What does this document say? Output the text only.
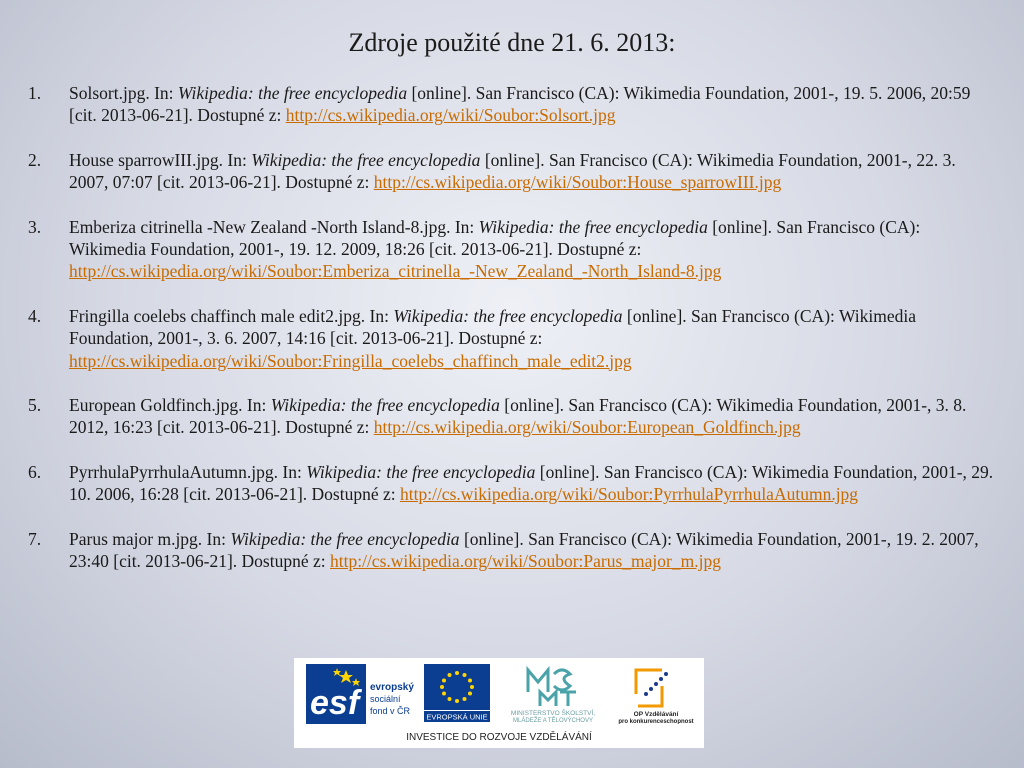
Zdroje použité dne 21. 6. 2013:
1. Solsort.jpg. In: Wikipedia: the free encyclopedia [online]. San Francisco (CA): Wikimedia Foundation, 2001-, 19. 5. 2006, 20:59 [cit. 2013-06-21]. Dostupné z: http://cs.wikipedia.org/wiki/Soubor:Solsort.jpg
2. House sparrowIII.jpg. In: Wikipedia: the free encyclopedia [online]. San Francisco (CA): Wikimedia Foundation, 2001-, 22. 3. 2007, 07:07 [cit. 2013-06-21]. Dostupné z: http://cs.wikipedia.org/wiki/Soubor:House_sparrowIII.jpg
3. Emberiza citrinella -New Zealand -North Island-8.jpg. In: Wikipedia: the free encyclopedia [online]. San Francisco (CA): Wikimedia Foundation, 2001-, 19. 12. 2009, 18:26 [cit. 2013-06-21]. Dostupné z: http://cs.wikipedia.org/wiki/Soubor:Emberiza_citrinella_-New_Zealand_-North_Island-8.jpg
4. Fringilla coelebs chaffinch male edit2.jpg. In: Wikipedia: the free encyclopedia [online]. San Francisco (CA): Wikimedia Foundation, 2001-, 3. 6. 2007, 14:16 [cit. 2013-06-21]. Dostupné z: http://cs.wikipedia.org/wiki/Soubor:Fringilla_coelebs_chaffinch_male_edit2.jpg
5. European Goldfinch.jpg. In: Wikipedia: the free encyclopedia [online]. San Francisco (CA): Wikimedia Foundation, 2001-, 3. 8. 2012, 16:23 [cit. 2013-06-21]. Dostupné z: http://cs.wikipedia.org/wiki/Soubor:European_Goldfinch.jpg
6. PyrrhulaPyrrhulaAutumn.jpg. In: Wikipedia: the free encyclopedia [online]. San Francisco (CA): Wikimedia Foundation, 2001-, 29. 10. 2006, 16:28 [cit. 2013-06-21]. Dostupné z: http://cs.wikipedia.org/wiki/Soubor:PyrrhulaPyrrhulaAutumn.jpg
7. Parus major m.jpg. In: Wikipedia: the free encyclopedia [online]. San Francisco (CA): Wikimedia Foundation, 2001-, 19. 2. 2007, 23:40 [cit. 2013-06-21]. Dostupné z: http://cs.wikipedia.org/wiki/Soubor:Parus_major_m.jpg
esf	evropský
sociální
fond v ČR
EVROPSKÁ UNIE	MINISTERSTVO ŠKOLSTVÍ,
MLÁDEŽE A TĚLOVÝCHOVY
OP Vzdělávání
pro konkurenceschopnost
INVESTICE DO ROZVOJE VZDĚLÁVÁNÍ
